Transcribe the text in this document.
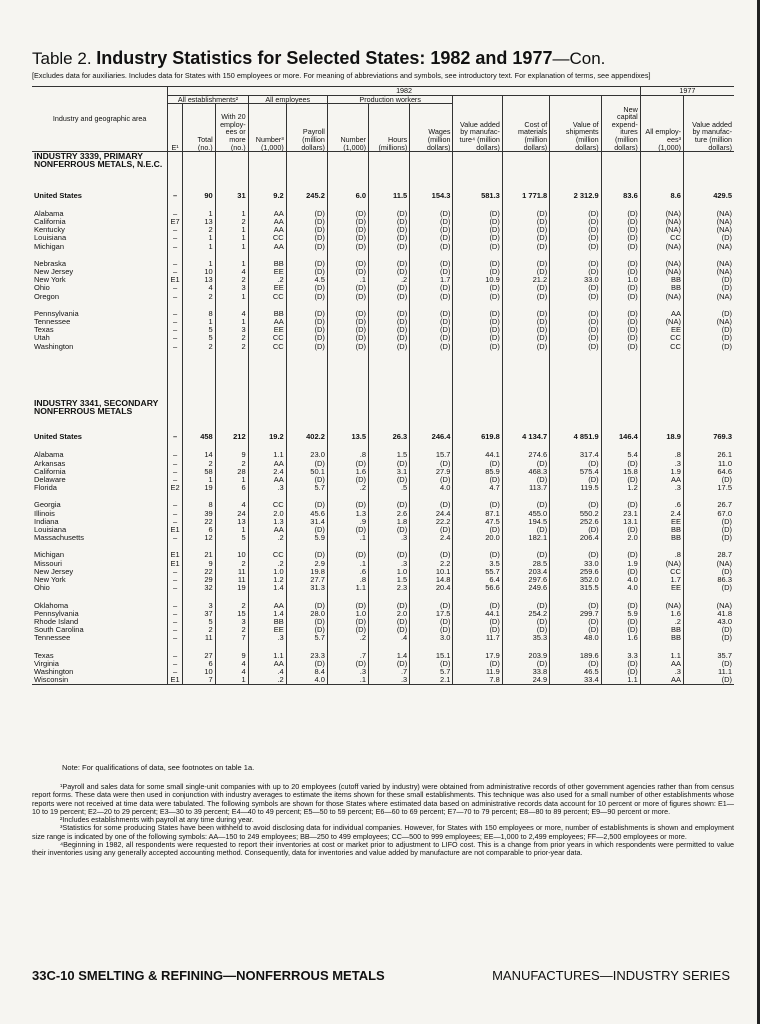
Table 2. Industry Statistics for Selected States: 1982 and 1977—Con.
[Excludes data for auxiliaries. Includes data for States with 150 employees or more. For meaning of abbreviations and symbols, see introductory text. For explanation of terms, see appendixes]
Industry and geographic area	1982												1977	
	All establishments²			All employees		Production workers			Value added by manufac-ture⁴ (million dollars)	Cost of materials (million dollars)	Value of shipments (million dollars)	New capital expend-itures (million dollars)	All employ-ees³ (1,000)	Value added by manufac-ture (million dollars)
	E¹	Total (no.)	With 20 employ-ees or more (no.)	Number³ (1,000)	Payroll (million dollars)	Number (1,000)	Hours (millions)	Wages (million dollars)						
INDUSTRY 3339, PRIMARY NONFERROUS METALS, N.E.C.														

United States	–	90	31	9.2	245.2	6.0	11.5	154.3	581.3	1 771.8	2 312.9	83.6	8.6	429.5

Alabama	–	1	1	AA	(D)	(D)	(D)	(D)	(D)	(D)	(D)	(D)	(NA)	(NA)
California	E7	13	2	AA	(D)	(D)	(D)	(D)	(D)	(D)	(D)	(D)	(NA)	(NA)
Kentucky	–	2	1	AA	(D)	(D)	(D)	(D)	(D)	(D)	(D)	(D)	(NA)	(NA)
Louisiana	–	1	1	CC	(D)	(D)	(D)	(D)	(D)	(D)	(D)	(D)	CC	(D)
Michigan	–	1	1	AA	(D)	(D)	(D)	(D)	(D)	(D)	(D)	(D)	(NA)	(NA)

Nebraska	–	1	1	BB	(D)	(D)	(D)	(D)	(D)	(D)	(D)	(D)	(NA)	(NA)
New Jersey	–	10	4	EE	(D)	(D)	(D)	(D)	(D)	(D)	(D)	(D)	(NA)	(NA)
New York	E1	13	2	.2	4.5	.1	.2	1.7	10.9	21.2	33.0	1.0	BB	(D)
Ohio	–	4	3	EE	(D)	(D)	(D)	(D)	(D)	(D)	(D)	(D)	BB	(D)
Oregon	–	2	1	CC	(D)	(D)	(D)	(D)	(D)	(D)	(D)	(D)	(NA)	(NA)

Pennsylvania	–	8	4	BB	(D)	(D)	(D)	(D)	(D)	(D)	(D)	(D)	AA	(D)
Tennessee	–	1	1	AA	(D)	(D)	(D)	(D)	(D)	(D)	(D)	(D)	(NA)	(NA)
Texas	–	5	3	EE	(D)	(D)	(D)	(D)	(D)	(D)	(D)	(D)	EE	(D)
Utah	–	5	2	CC	(D)	(D)	(D)	(D)	(D)	(D)	(D)	(D)	CC	(D)
Washington	–	2	2	CC	(D)	(D)	(D)	(D)	(D)	(D)	(D)	(D)	CC	(D)

INDUSTRY 3341, SECONDARY NONFERROUS METALS														

United States	–	458	212	19.2	402.2	13.5	26.3	246.4	619.8	4 134.7	4 851.9	146.4	18.9	769.3

Alabama	–	14	9	1.1	23.0	.8	1.5	15.7	44.1	274.6	317.4	5.4	.8	26.1
Arkansas	–	2	2	AA	(D)	(D)	(D)	(D)	(D)	(D)	(D)	(D)	.3	11.0
California	–	58	28	2.4	50.1	1.6	3.1	27.9	85.9	468.3	575.4	15.8	1.9	64.6
Delaware	–	1	1	AA	(D)	(D)	(D)	(D)	(D)	(D)	(D)	(D)	AA	(D)
Florida	E2	19	6	.3	5.7	.2	.5	4.0	4.7	113.7	119.5	1.2	.3	17.5

Georgia	–	8	4	CC	(D)	(D)	(D)	(D)	(D)	(D)	(D)	(D)	.6	26.7
Illinois	–	39	24	2.0	45.6	1.3	2.6	24.4	87.1	455.0	550.2	23.1	2.4	67.0
Indiana	–	22	13	1.3	31.4	.9	1.8	22.2	47.5	194.5	252.6	13.1	EE	(D)
Louisiana	E1	6	1	AA	(D)	(D)	(D)	(D)	(D)	(D)	(D)	(D)	BB	(D)
Massachusetts	–	12	5	.2	5.9	.1	.3	2.4	20.0	182.1	206.4	2.0	BB	(D)

Michigan	E1	21	10	CC	(D)	(D)	(D)	(D)	(D)	(D)	(D)	(D)	.8	28.7
Missouri	E1	9	2	.2	2.9	.1	.3	2.2	3.5	28.5	33.0	1.9	(NA)	(NA)
New Jersey	–	22	11	1.0	19.8	.6	1.0	10.1	55.7	203.4	259.6	(D)	CC	(D)
New York	–	29	11	1.2	27.7	.8	1.5	14.8	6.4	297.6	352.0	4.0	1.7	86.3
Ohio	–	32	19	1.4	31.3	1.1	2.3	20.4	56.6	249.6	315.5	4.0	EE	(D)

Oklahoma	–	3	2	AA	(D)	(D)	(D)	(D)	(D)	(D)	(D)	(D)	(NA)	(NA)
Pennsylvania	–	37	15	1.4	28.0	1.0	2.0	17.5	44.1	254.2	299.7	5.9	1.6	41.8
Rhode Island	–	5	3	BB	(D)	(D)	(D)	(D)	(D)	(D)	(D)	(D)	.2	43.0
South Carolina	–	2	2	EE	(D)	(D)	(D)	(D)	(D)	(D)	(D)	(D)	BB	(D)
Tennessee	–	11	7	.3	5.7	.2	.4	3.0	11.7	35.3	48.0	1.6	BB	(D)

Texas	–	27	9	1.1	23.3	.7	1.4	15.1	17.9	203.9	189.6	3.3	1.1	35.7
Virginia	–	6	4	AA	(D)	(D)	(D)	(D)	(D)	(D)	(D)	(D)	AA	(D)
Washington	–	10	4	.4	8.4	.3	.7	5.7	11.9	33.8	46.5	(D)	.3	11.1
Wisconsin	E1	7	1	.2	4.0	.1	.3	2.1	7.8	24.9	33.4	1.1	AA	(D)
Note: For qualifications of data, see footnotes on table 1a.

¹Payroll and sales data for some small single-unit companies with up to 20 employees (cutoff varied by industry) were obtained from administrative records of other government agencies rather than from census report forms. These data were then used in conjunction with industry averages to estimate the items shown for these small establishments. This technique was also used for a small number of other establishments whose reports were not received at time data were tabulated. The following symbols are shown for those States where estimated data based on administrative records data account for 10 percent or more of figures shown: E1—10 to 19 percent; E2—20 to 29 percent; E3—30 to 39 percent; E4—40 to 49 percent; E5—50 to 59 percent; E6—60 to 69 percent; E7—70 to 79 percent; E8—80 to 89 percent; E9—90 percent or more.

²Includes establishments with payroll at any time during year.

³Statistics for some producing States have been withheld to avoid disclosing data for individual companies. However, for States with 150 employees or more, number of establishments is shown and employment size range is indicated by one of the following symbols: AA—150 to 249 employees; BB—250 to 499 employees; CC—500 to 999 employees; EE—1,000 to 2,499 employees; FF—2,500 employees or more.

⁴Beginning in 1982, all respondents were requested to report their inventories at cost or market prior to adjustment to LIFO cost. This is a change from prior years in which respondents were permitted to value their inventories using any generally accepted accounting method. Consequently, data for inventories and value added by manufacture are not comparable to prior-year data.

33C-10 SMELTING & REFINING—NONFERROUS METALS	MANUFACTURES—INDUSTRY SERIES
